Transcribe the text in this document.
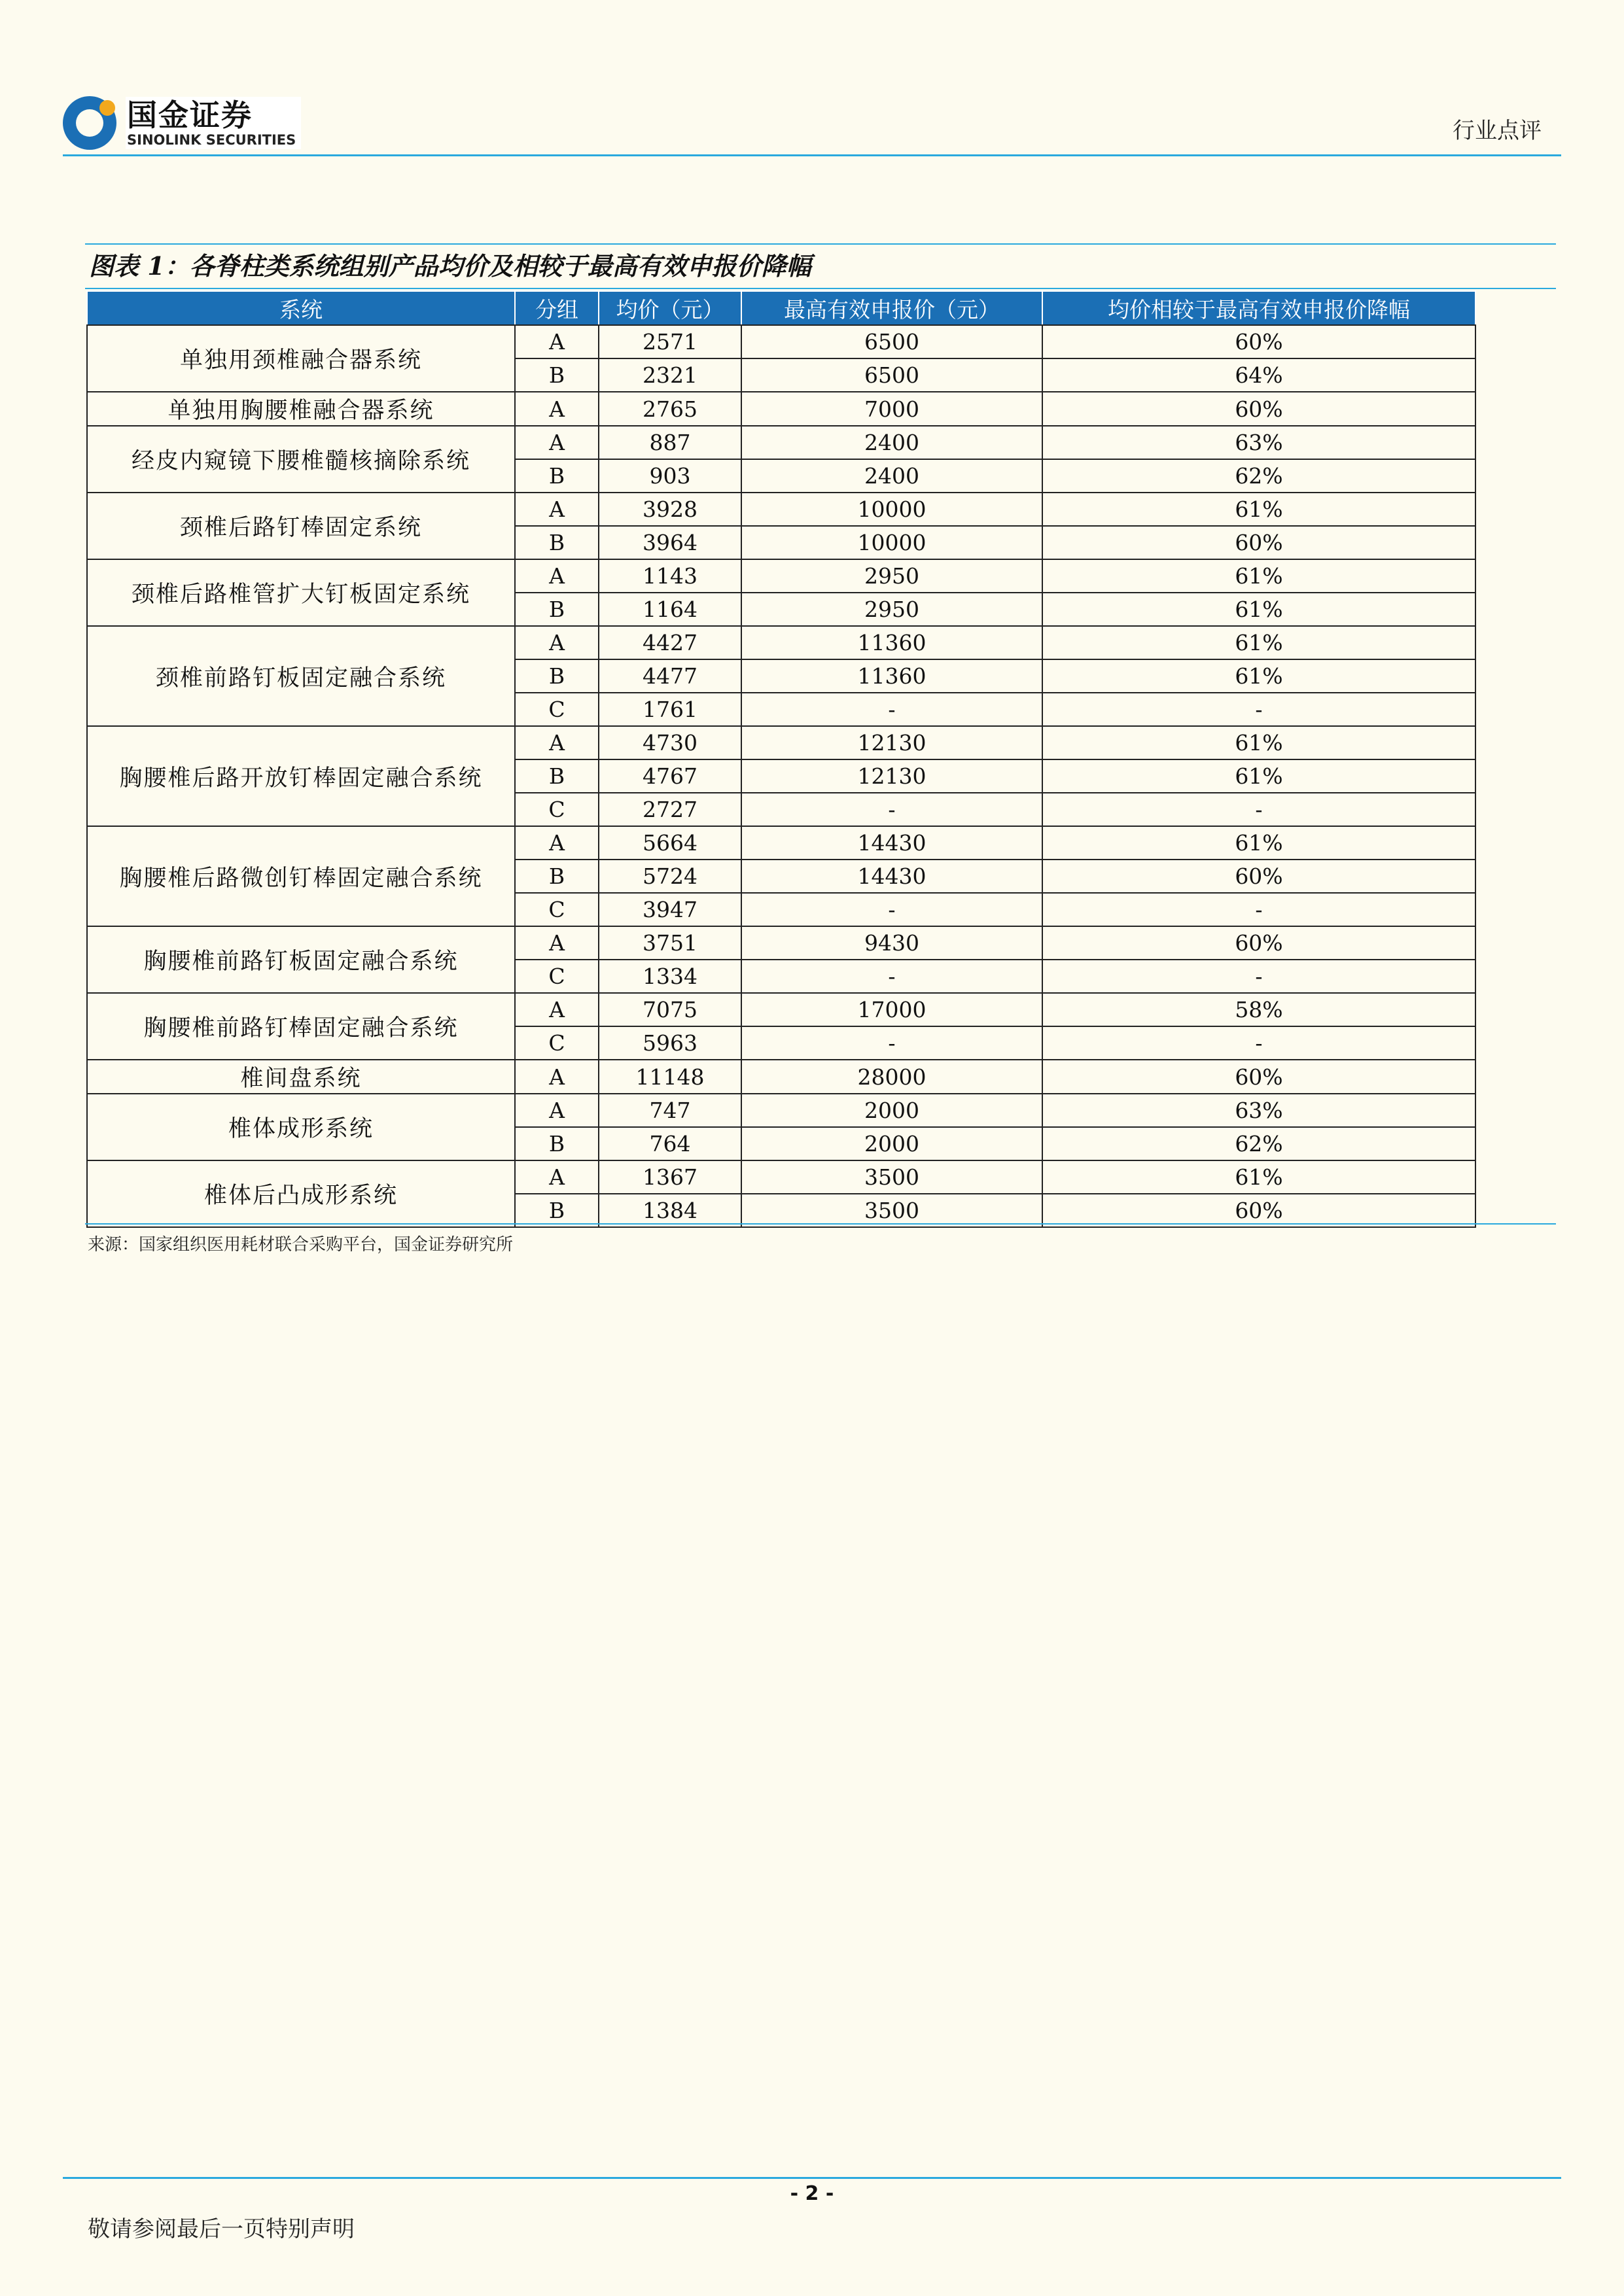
国金证券
SINOLINK SECURITIES	行业点评
图表 1：各脊柱类系统组别产品均价及相较于最高有效申报价降幅
系统	分组	均价（元）	最高有效申报价（元）	均价相较于最高有效申报价降幅
单独用颈椎融合器系统	A	2571	6500	60%
	B	2321	6500	64%
单独用胸腰椎融合器系统	A	2765	7000	60%
经皮内窥镜下腰椎髓核摘除系统	A	887	2400	63%
	B	903	2400	62%
颈椎后路钉棒固定系统	A	3928	10000	61%
	B	3964	10000	60%
颈椎后路椎管扩大钉板固定系统	A	1143	2950	61%
	B	1164	2950	61%
颈椎前路钉板固定融合系统	A	4427	11360	61%
	B	4477	11360	61%
	C	1761	-	-
胸腰椎后路开放钉棒固定融合系统	A	4730	12130	61%
	B	4767	12130	61%
	C	2727	-	-
胸腰椎后路微创钉棒固定融合系统	A	5664	14430	61%
	B	5724	14430	60%
	C	3947	-	-
胸腰椎前路钉板固定融合系统	A	3751	9430	60%
	C	1334	-	-
胸腰椎前路钉棒固定融合系统	A	7075	17000	58%
	C	5963	-	-
椎间盘系统	A	11148	28000	60%
椎体成形系统	A	747	2000	63%
	B	764	2000	62%
椎体后凸成形系统	A	1367	3500	61%
	B	1384	3500	60%
来源：国家组织医用耗材联合采购平台，国金证券研究所
- 2 -
敬请参阅最后一页特别声明
